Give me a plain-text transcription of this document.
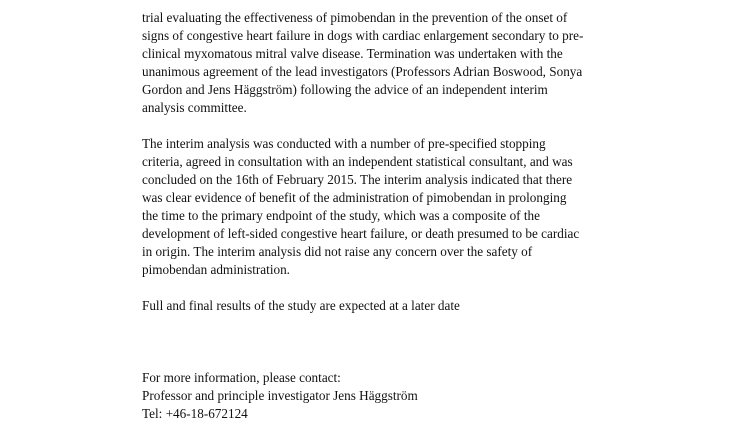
trial evaluating the effectiveness of pimobendan in the prevention of the onset of
signs of congestive heart failure in dogs with cardiac enlargement secondary to pre-
clinical myxomatous mitral valve disease. Termination was undertaken with the
unanimous agreement of the lead investigators (Professors Adrian Boswood, Sonya
Gordon and Jens Häggström) following the advice of an independent interim
analysis committee.
The interim analysis was conducted with a number of pre-specified stopping
criteria, agreed in consultation with an independent statistical consultant, and was
concluded on the 16th of February 2015. The interim analysis indicated that there
was clear evidence of benefit of the administration of pimobendan in prolonging
the time to the primary endpoint of the study, which was a composite of the
development of left-sided congestive heart failure, or death presumed to be cardiac
in origin. The interim analysis did not raise any concern over the safety of
pimobendan administration.
Full and final results of the study are expected at a later date
For more information, please contact:
Professor and principle investigator Jens Häggström
Tel: +46-18-672124
